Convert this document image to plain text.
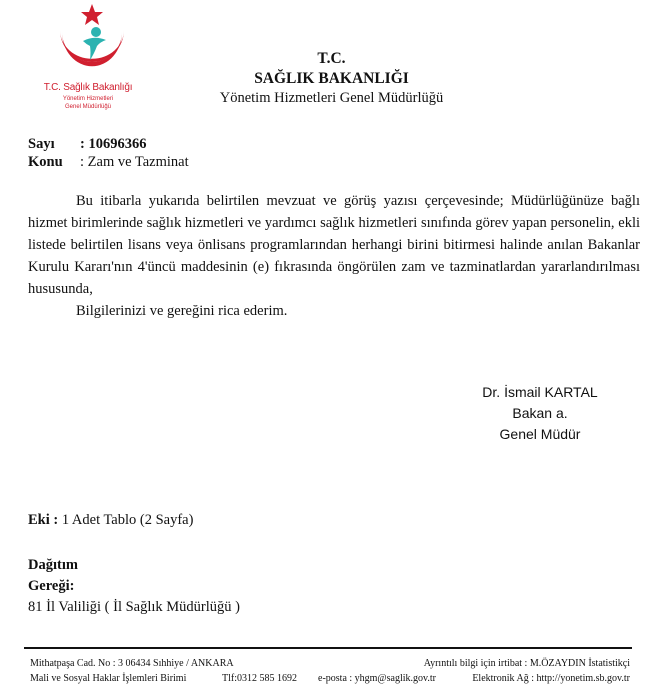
T.C. Sağlık Bakanlığı
Yönetim Hizmetleri
Genel Müdürlüğü
T.C.
SAĞLIK BAKANLIĞI
Yönetim Hizmetleri Genel Müdürlüğü
Sayı : 10696366
Konu : Zam ve Tazminat

Bu itibarla yukarıda belirtilen mevzuat ve görüş yazısı çerçevesinde; Müdürlüğünüze bağlı hizmet birimlerinde sağlık hizmetleri ve yardımcı sağlık hizmetleri sınıfında görev yapan personelin, ekli listede belirtilen lisans veya önlisans programlarından herhangi birini bitirmesi halinde anılan Bakanlar Kurulu Kararı'nın 4'üncü maddesinin (e) fıkrasında öngörülen zam ve tazminatlardan yararlandırılması hususunda,

Bilgilerinizi ve gereğini rica ederim.

Dr. İsmail KARTAL
Bakan a.
Genel Müdür
Eki : 1 Adet Tablo (2 Sayfa)
Dağıtım
Gereği:
81 İl Valiliği ( İl Sağlık Müdürlüğü )
Mithatpaşa Cad. No : 3 06434 Sıhhiye / ANKARA
Mali ve Sosyal Haklar İşlemleri Birimi	Tlf:0312 585 1692 e-posta : yhgm@saglik.gov.tr
Ayrıntılı bilgi için irtibat : M.ÖZAYDIN İstatistikçi
Elektronik Ağ : http://yonetim.sb.gov.tr
